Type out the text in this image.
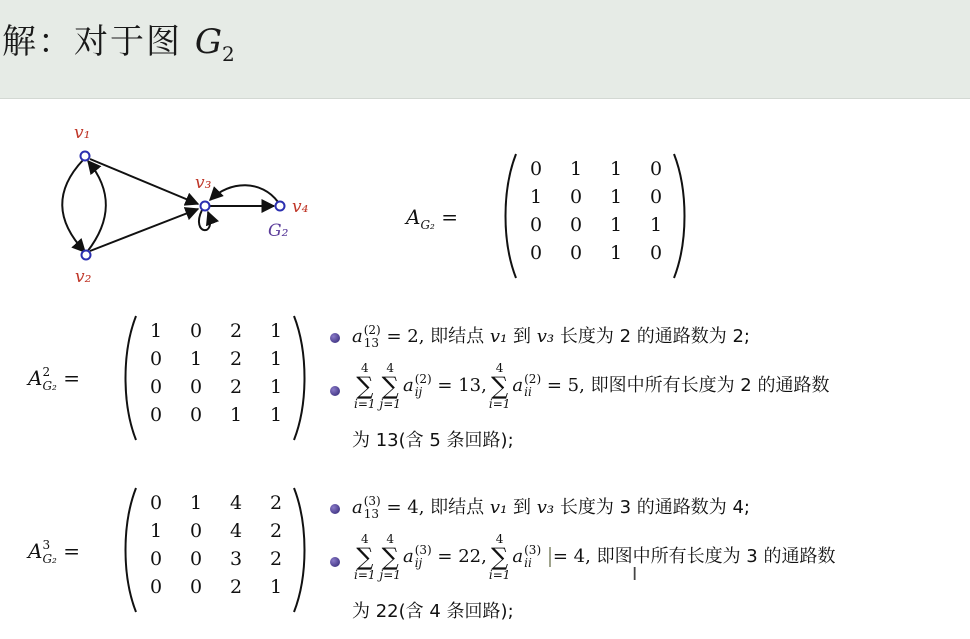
解：对于图 $G_2$
v₁
v₂
v₃
v₄
G₂
$A_{G_2}$ =
0	1	1	0
1	0	1	0
0	0	1	1
0	0	1	0
A 2
G₂ =
1	0	2	1
0	1	2	1
0	0	2	1
0	0	1	1
a (2)
13 = 2, 即结点 v₁ 到 v₃ 长度为 2 的通路数为 2;
4
∑
i=1
4
∑
j=1
a (2)
ij = 13,
4
∑
i=1
a (2)
ii = 5, 即图中所有长度为 2 的通路数
为 13(含 5 条回路);
A 3
G₂ =
0	1	4	2
1	0	4	2
0	0	3	2
0	0	2	1
a (3)
13 = 4, 即结点 v₁ 到 v₃ 长度为 3 的通路数为 4;
4
∑
i=1
4
∑
j=1
a (3)
ij = 22,
4
∑
i=1
a (3)
ii = 4, 即图中所有长度为 3 的通路数
为 22(含 4 条回路);
I
